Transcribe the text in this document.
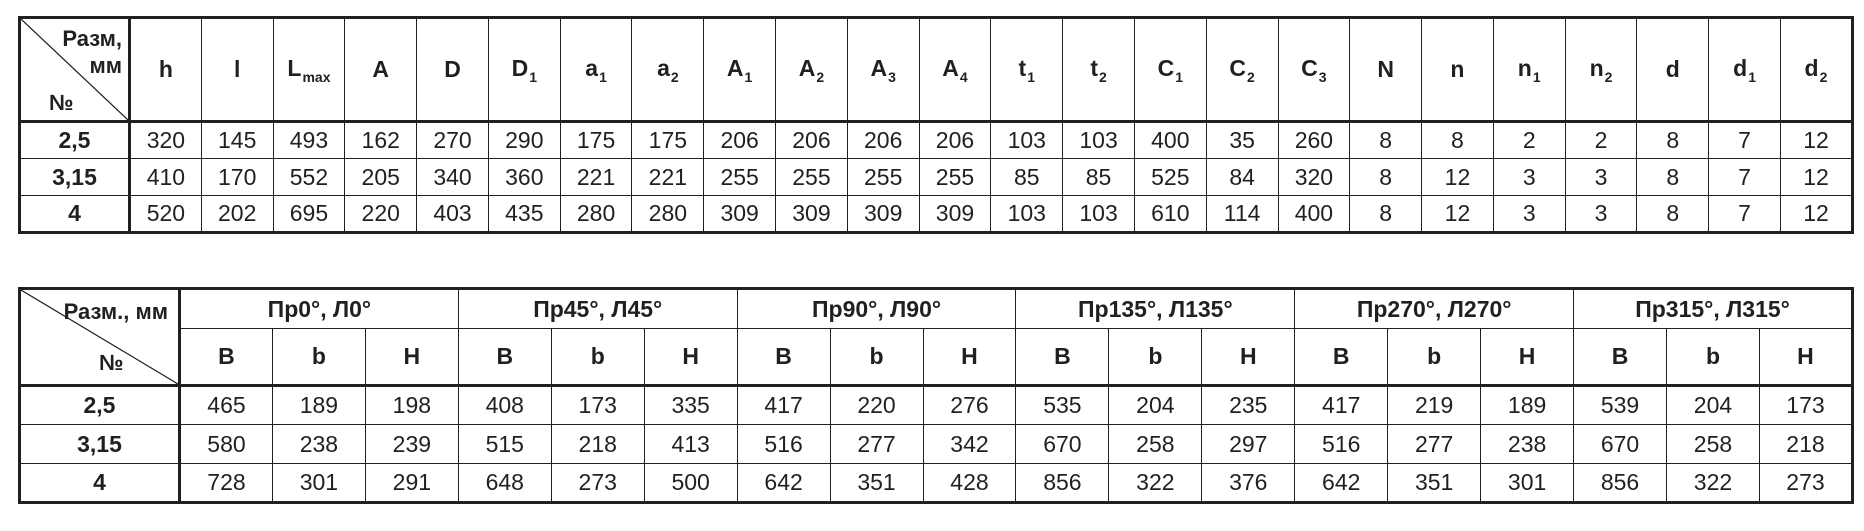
Разм,
мм
№	h	l	$L_{max}$	A	D	$D_1$	$a_1$	$a_2$	$A_1$	$A_2$	$A_3$	$A_4$	$t_1$	$t_2$	$C_1$	$C_2$	$C_3$	N	n	$n_1$	$n_2$	d	$d_1$	$d_2$
2,5	320	145	493	162	270	290	175	175	206	206	206	206	103	103	400	35	260	8	8	2	2	8	7	12
3,15	410	170	552	205	340	360	221	221	255	255	255	255	85	85	525	84	320	8	12	3	3	8	7	12
4	520	202	695	220	403	435	280	280	309	309	309	309	103	103	610	114	400	8	12	3	3	8	7	12
Разм., мм
№	Пр0°, Л0°			Пр45°, Л45°			Пр90°, Л90°			Пр135°, Л135°			Пр270°, Л270°			Пр315°, Л315°		
	B	b	H	B	b	H	B	b	H	B	b	H	B	b	H	B	b	H
2,5	465	189	198	408	173	335	417	220	276	535	204	235	417	219	189	539	204	173
3,15	580	238	239	515	218	413	516	277	342	670	258	297	516	277	238	670	258	218
4	728	301	291	648	273	500	642	351	428	856	322	376	642	351	301	856	322	273
